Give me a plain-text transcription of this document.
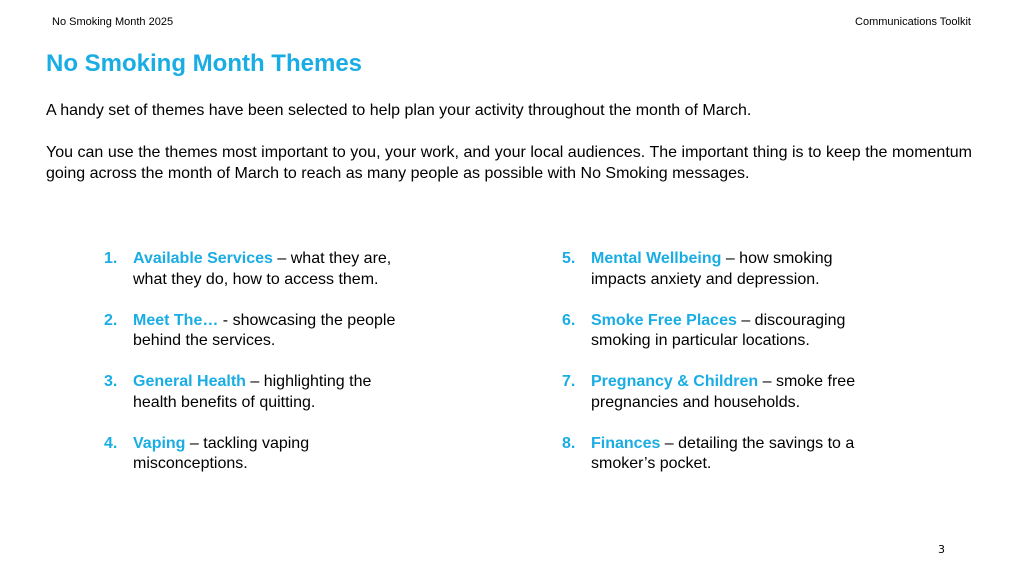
No Smoking Month 2025	Communications Toolkit
No Smoking Month Themes

A handy set of themes have been selected to help plan your activity throughout the month of March.

You can use the themes most important to you, your work, and your local audiences. The important thing is to keep the momentum going across the month of March to reach as many people as possible with No Smoking messages.

1. Available Services – what they are, what they do, how to access them.
2. Meet The… - showcasing the people behind the services.
3. General Health – highlighting the health benefits of quitting.
4. Vaping – tackling vaping misconceptions.
5. Mental Wellbeing – how smoking impacts anxiety and depression.
6. Smoke Free Places – discouraging smoking in particular locations.
7. Pregnancy & Children – smoke free pregnancies and households.
8. Finances – detailing the savings to a smoker’s pocket.
3
